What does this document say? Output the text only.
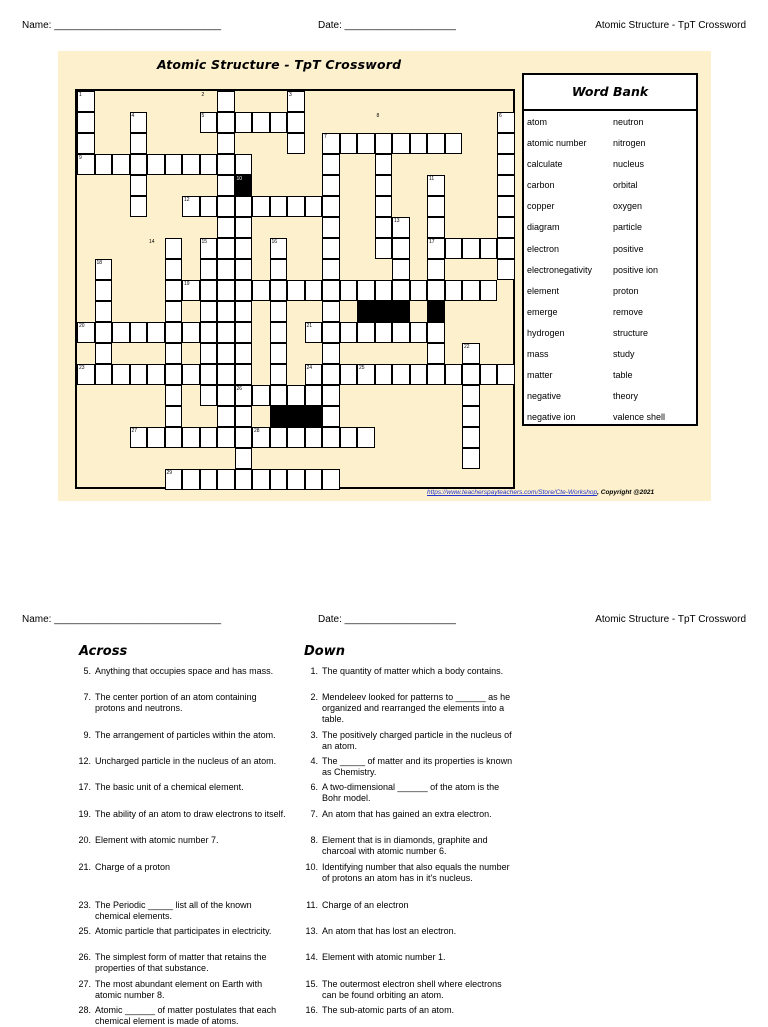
Name: ______________________________	Date: ____________________	Atomic Structure - TpT Crossword
Atomic Structure - TpT Crossword
1	2	3
4	5	6
7
8
9
10	11
12
13
14	15	16	17
18
19
20	21
22
23	24	25
26
27	28
29
Word Bank
atom
atomic number
calculate
carbon
copper
diagram
electron
electronegativity
element
emerge
hydrogen
mass
matter
negative
negative ion
neutron
nitrogen
nucleus
orbital
oxygen
particle
positive
positive ion
proton
remove
structure
study
table
theory
valence shell
https://www.teacherspayteachers.com/Store/Cte-Workshop, Copyright @2021
Name: ______________________________	Date: ____________________	Atomic Structure - TpT Crossword
Across	Down
5. Anything that occupies space and has mass.
7. The center portion of an atom containing protons and neutrons.
9. The arrangement of particles within the atom.
12. Uncharged particle in the nucleus of an atom.
17. The basic unit of a chemical element.
19. The ability of an atom to draw electrons to itself.
20. Element with atomic number 7.
21. Charge of a proton
23. The Periodic _____ list all of the known chemical elements.
25. Atomic particle that participates in electricity.
26. The simplest form of matter that retains the properties of that substance.
27. The most abundant element on Earth with atomic number 8.
28. Atomic ______ of matter postulates that each chemical element is made of atoms.
1. The quantity of matter which a body contains.
2. Mendeleev looked for patterns to ______ as he organized and rearranged the elements into a table.
3. The positively charged particle in the nucleus of an atom.
4. The _____ of matter and its properties is known as Chemistry.
6. A two-dimensional ______ of the atom is the Bohr model.
7. An atom that has gained an extra electron.
8. Element that is in diamonds, graphite and charcoal with atomic number 6.
10. Identifying number that also equals the number of protons an atom has in it's nucleus.
11. Charge of an electron
13. An atom that has lost an electron.
14. Element with atomic number 1.
15. The outermost electron shell where electrons can be found orbiting an atom.
16. The sub-atomic parts of an atom.
